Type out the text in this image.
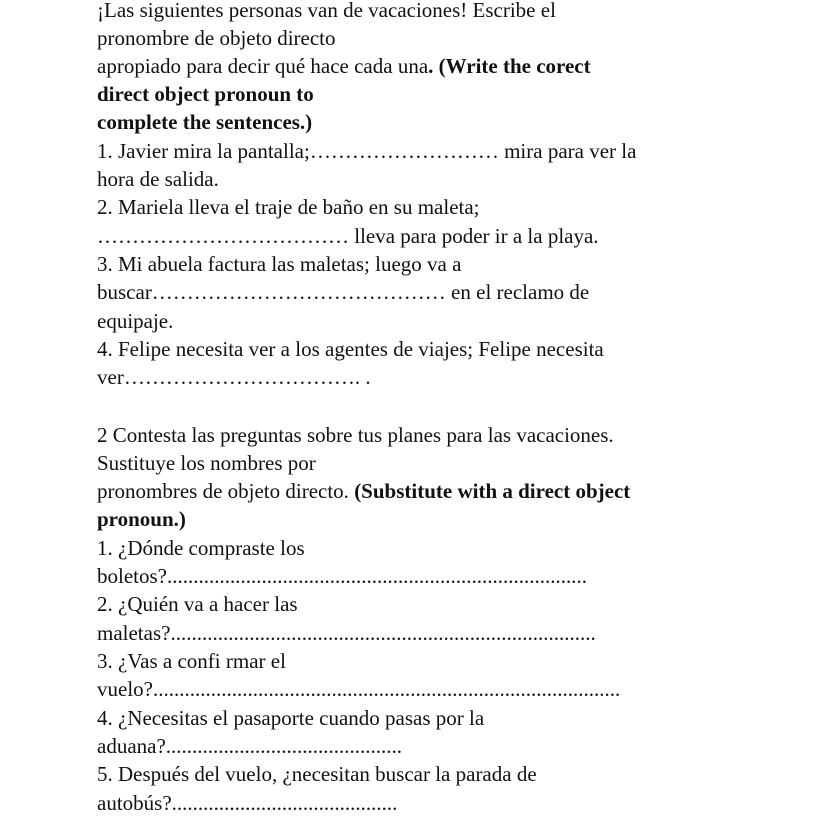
¡Las siguientes personas van de vacaciones! Escribe el

pronombre de objeto directo

apropiado para decir qué hace cada una. (Write the corect

direct object pronoun to

complete the sentences.)

1. Javier mira la pantalla;……………………… mira para ver la

hora de salida.

2. Mariela lleva el traje de baño en su maleta;

……………………………… lleva para poder ir a la playa.

3. Mi abuela factura las maletas; luego va a

buscar…………………………………… en el reclamo de

equipaje.

4. Felipe necesita ver a los agentes de viajes; Felipe necesita

ver……………………………. .

2 Contesta las preguntas sobre tus planes para las vacaciones.

Sustituye los nombres por

pronombres de objeto directo. (Substitute with a direct object

pronoun.)

1. ¿Dónde compraste los

boletos?................................................................................

2. ¿Quién va a hacer las

maletas?.................................................................................

3. ¿Vas a confi rmar el

vuelo?.........................................................................................

4. ¿Necesitas el pasaporte cuando pasas por la

aduana?.............................................

5. Después del vuelo, ¿necesitan buscar la parada de

autobús?...........................................
